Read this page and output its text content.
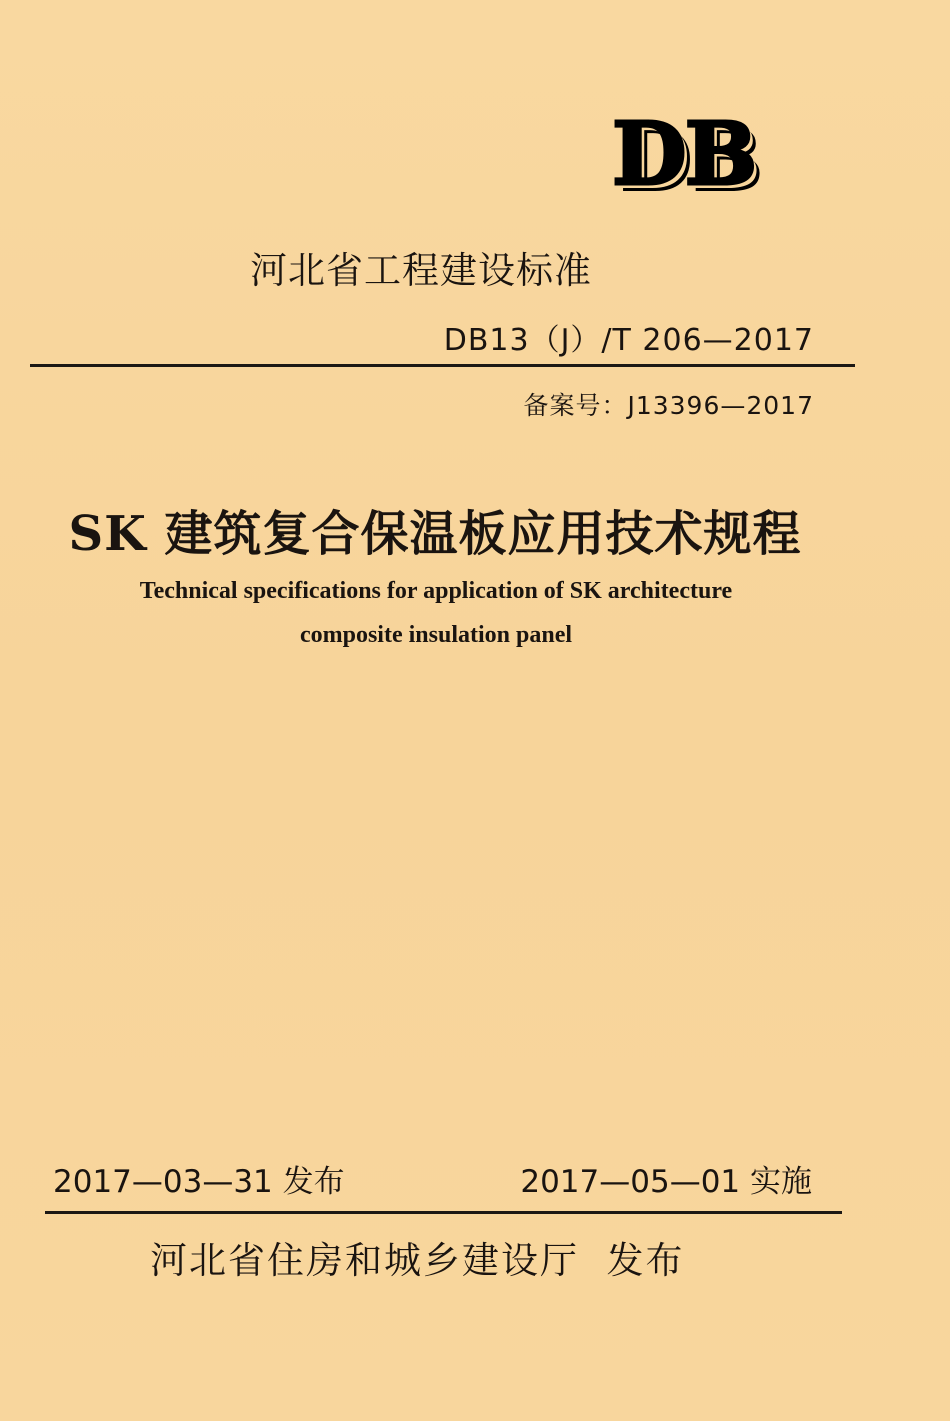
DB
河北省工程建设标准
DB13（J）/T 206—2017
备案号：J13396—2017
SK 建筑复合保温板应用技术规程
Technical specifications for application of SK architecture
composite insulation panel
2017—03—31 发布	2017—05—01 实施
河北省住房和城乡建设厅  发布
